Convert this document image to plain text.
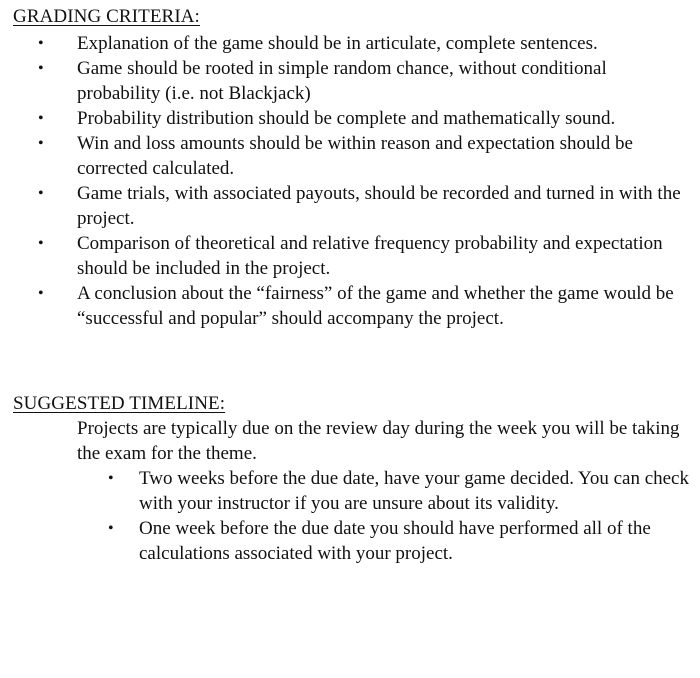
GRADING CRITERIA:
• Explanation of the game should be in articulate, complete sentences.
• Game should be rooted in simple random chance, without conditional probability (i.e. not Blackjack)
• Probability distribution should be complete and mathematically sound.
• Win and loss amounts should be within reason and expectation should be corrected calculated.
• Game trials, with associated payouts, should be recorded and turned in with the project.
• Comparison of theoretical and relative frequency probability and expectation should be included in the project.
• A conclusion about the “fairness” of the game and whether the game would be “successful and popular” should accompany the project.
SUGGESTED TIMELINE:

Projects are typically due on the review day during the week you will be taking the exam for the theme.

• Two weeks before the due date, have your game decided. You can check with your instructor if you are unsure about its validity.
• One week before the due date you should have performed all of the calculations associated with your project.
